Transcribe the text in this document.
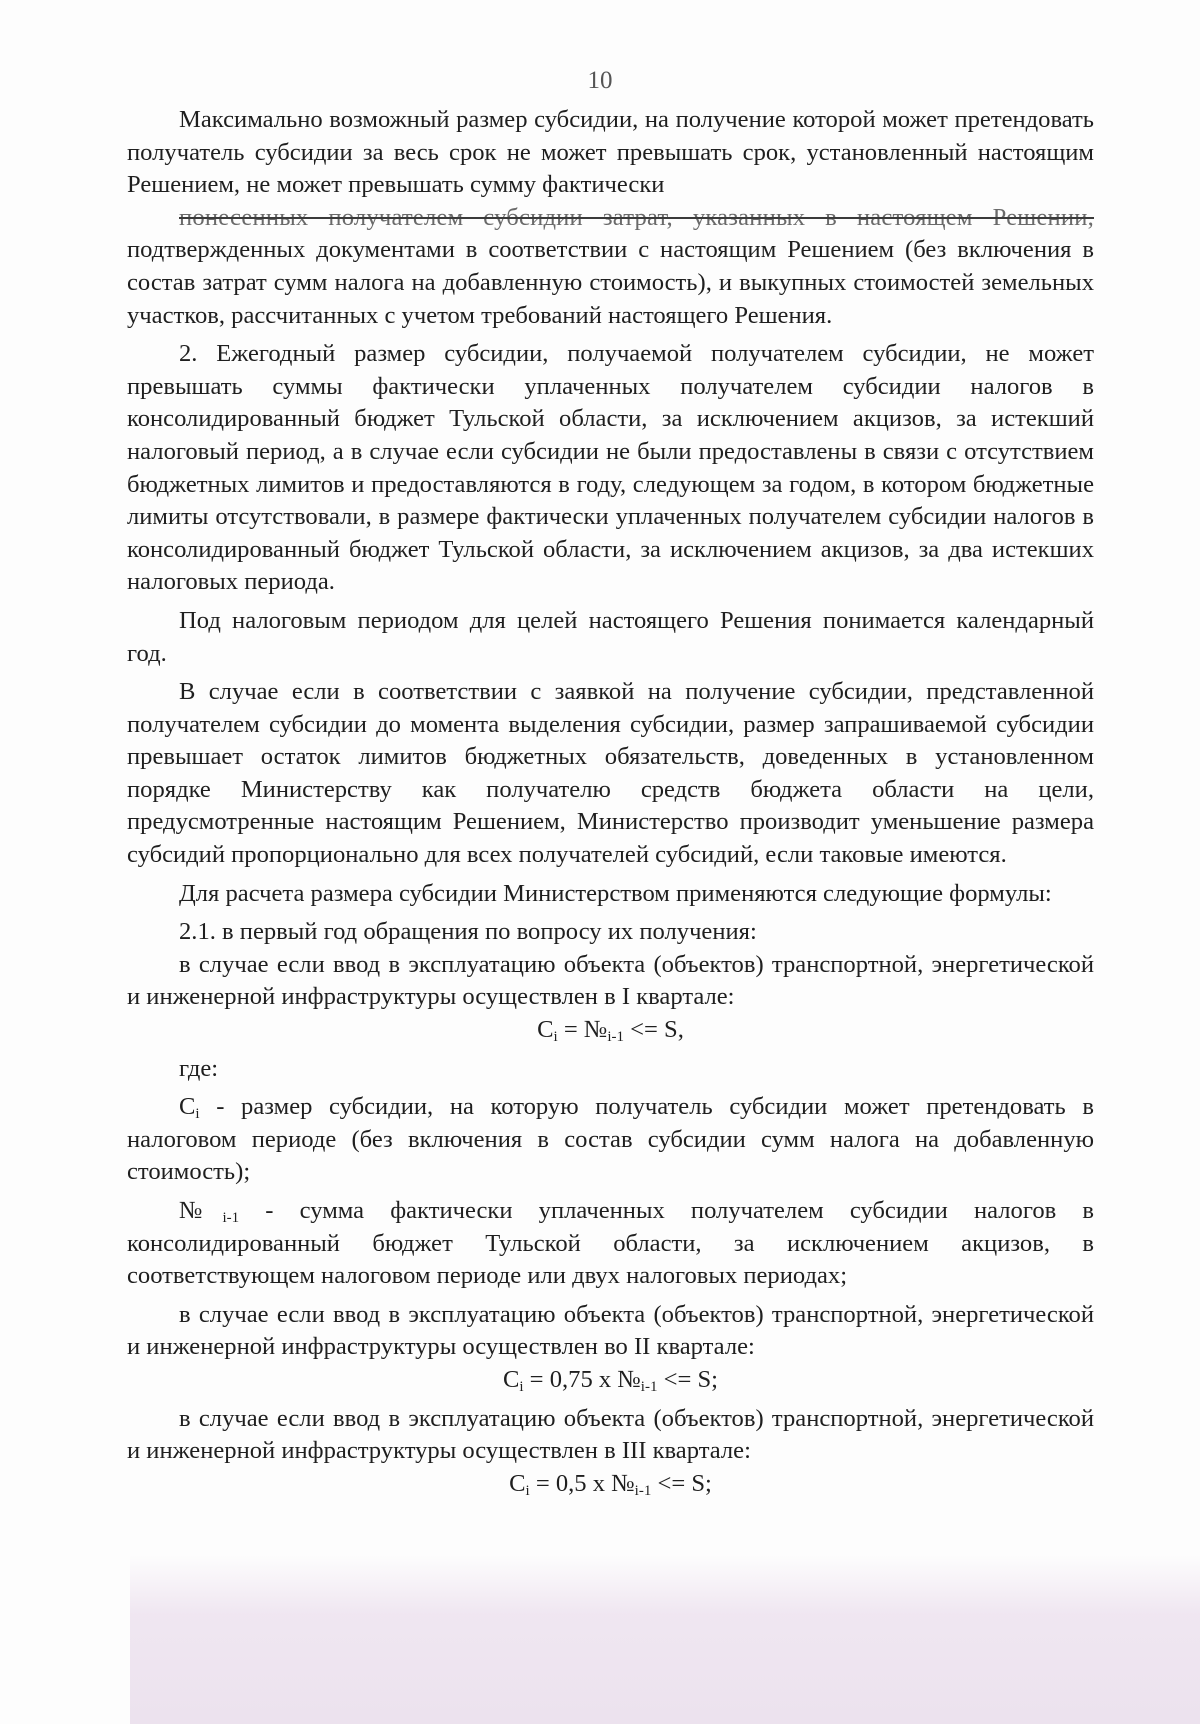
10

Максимально возможный размер субсидии, на получение которой может претендовать получатель субсидии за весь срок не может превышать срок, установленный настоящим Решением, не может превышать сумму фактически
понесенных получателем субсидии затрат, указанных в настоящем Решении,
подтвержденных документами в соответствии с настоящим Решением (без включения в состав затрат сумм налога на добавленную стоимость), и выкупных стоимостей земельных участков, рассчитанных с учетом требований настоящего Решения.

2. Ежегодный размер субсидии, получаемой получателем субсидии, не может превышать суммы фактически уплаченных получателем субсидии налогов в консолидированный бюджет Тульской области, за исключением акцизов, за истекший налоговый период, а в случае если субсидии не были предоставлены в связи с отсутствием бюджетных лимитов и предоставляются в году, следующем за годом, в котором бюджетные лимиты отсутствовали, в размере фактически уплаченных получателем субсидии налогов в консолидированный бюджет Тульской области, за исключением акцизов, за два истекших налоговых периода.

Под налоговым периодом для целей настоящего Решения понимается календарный год.

В случае если в соответствии с заявкой на получение субсидии, представленной получателем субсидии до момента выделения субсидии, размер запрашиваемой субсидии превышает остаток лимитов бюджетных обязательств, доведенных в установленном порядке Министерству как получателю средств бюджета области на цели, предусмотренные настоящим Решением, Министерство производит уменьшение размера субсидий пропорционально для всех получателей субсидий, если таковые имеются.

Для расчета размера субсидии Министерством применяются следующие формулы:

2.1. в первый год обращения по вопросу их получения:

в случае если ввод в эксплуатацию объекта (объектов) транспортной, энергетической и инженерной инфраструктуры осуществлен в I квартале:

$C_i$ = $№_{i-1} <= S$,

где:

$C_i$ - размер субсидии, на которую получатель субсидии может претендовать в налоговом периоде (без включения в состав субсидии сумм налога на добавленную стоимость);

$№_{i-1}$ - сумма фактически уплаченных получателем субсидии налогов в консолидированный бюджет Тульской области, за исключением акцизов, в соответствующем налоговом периоде или двух налоговых периодах;

в случае если ввод в эксплуатацию объекта (объектов) транспортной, энергетической и инженерной инфраструктуры осуществлен во II квартале:

$C_i = 0,75$ x $№_{i-1} <= S$;

в случае если ввод в эксплуатацию объекта (объектов) транспортной, энергетической и инженерной инфраструктуры осуществлен в III квартале:

$C_i = 0,5$ x $№_{i-1} <= S$;
